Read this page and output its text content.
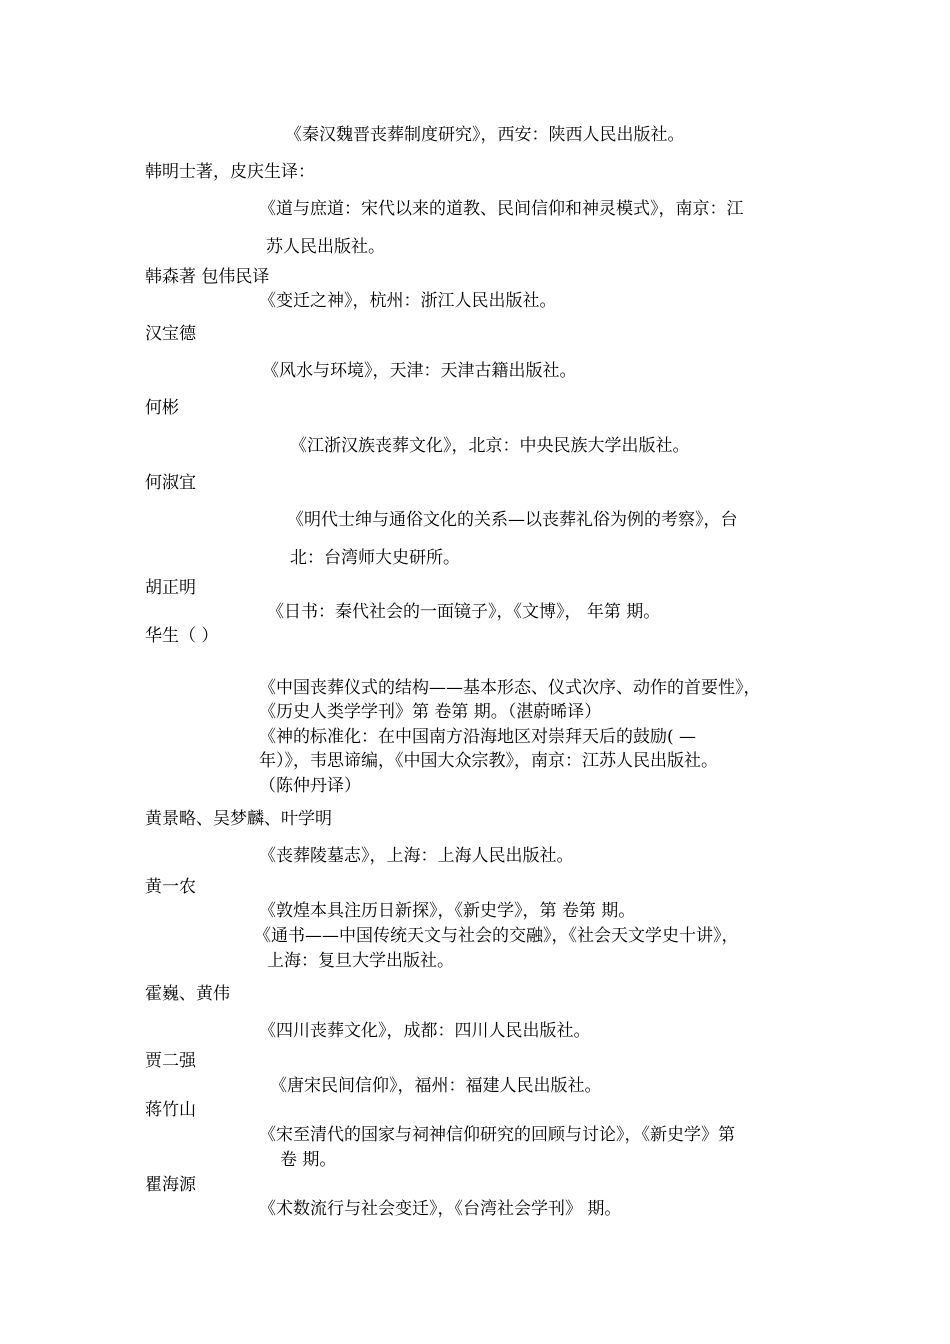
《秦汉魏晋丧葬制度研究》，西安：陕西人民出版社。
韩明士著，皮庆生译：
《道与庶道：宋代以来的道教、民间信仰和神灵模式》，南京：江
苏人民出版社。
韩森著 包伟民译
《变迁之神》，杭州：浙江人民出版社。
汉宝德
《风水与环境》，天津：天津古籍出版社。
何彬
《江浙汉族丧葬文化》，北京：中央民族大学出版社。
何淑宜
《明代士绅与通俗文化的关系—以丧葬礼俗为例的考察》，台
北：台湾师大史研所。
胡正明
《日书：秦代社会的一面镜子》，《文博》， 年第 期。
华生（ ）
《中国丧葬仪式的结构——基本形态、仪式次序、动作的首要性》，
《历史人类学学刊》第 卷第 期。（湛蔚晞译）
《神的标准化：在中国南方沿海地区对崇拜天后的鼓励( —
年）》，韦思谛编，《中国大众宗教》，南京：江苏人民出版社。
（陈仲丹译）
黄景略、吴梦麟、叶学明
《丧葬陵墓志》，上海：上海人民出版社。
黄一农
《敦煌本具注历日新探》，《新史学》，第 卷第 期。
《通书——中国传统天文与社会的交融》，《社会天文学史十讲》，
上海：复旦大学出版社。
霍巍、黄伟
《四川丧葬文化》，成都：四川人民出版社。
贾二强
《唐宋民间信仰》，福州：福建人民出版社。
蒋竹山
《宋至清代的国家与祠神信仰研究的回顾与讨论》，《新史学》第
卷 期。
瞿海源
《术数流行与社会变迁》，《台湾社会学刊》 期。
